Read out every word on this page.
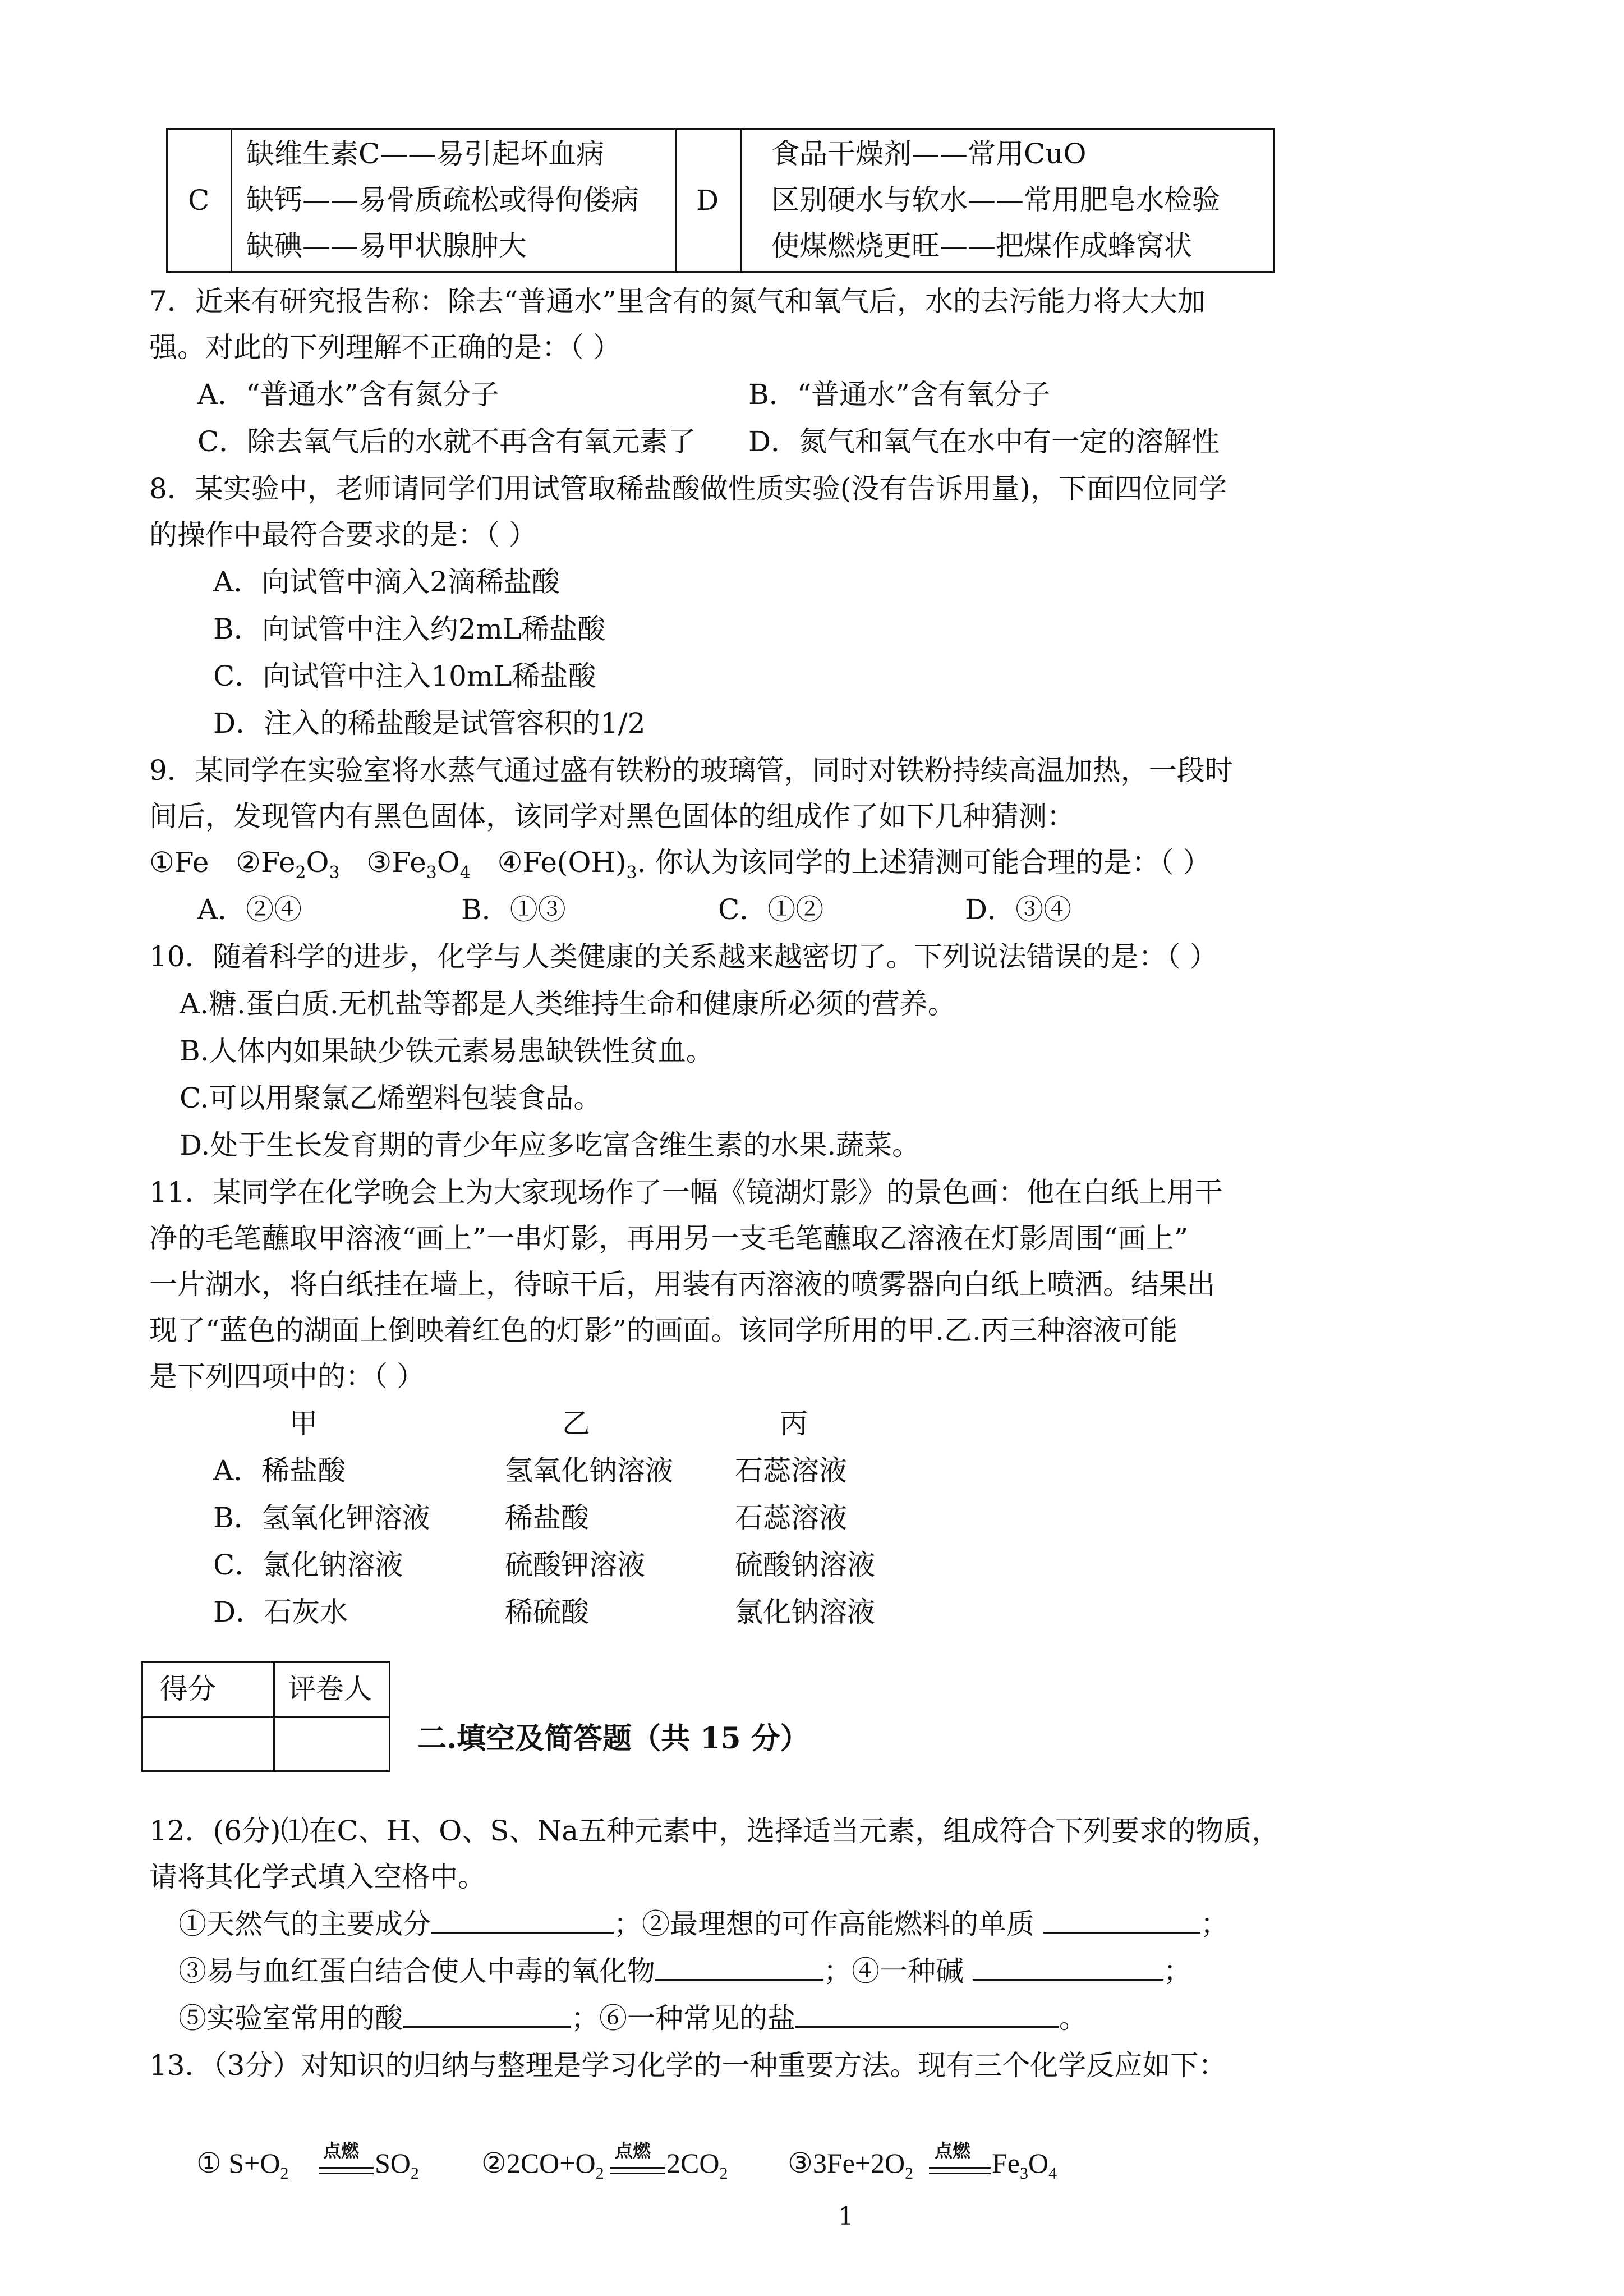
C
缺维生素C——易引起坏血病
缺钙——易骨质疏松或得佝偻病
缺碘——易甲状腺肿大
D
食品干燥剂——常用CuO
区别硬水与软水——常用肥皂水检验
使煤燃烧更旺——把煤作成蜂窝状
7．近来有研究报告称：除去“普通水”里含有的氮气和氧气后，水的去污能力将大大加
强。对此的下列理解不正确的是：（ ）
A．“普通水”含有氮分子	B．“普通水”含有氧分子
C．除去氧气后的水就不再含有氧元素了 D．氮气和氧气在水中有一定的溶解性
8．某实验中，老师请同学们用试管取稀盐酸做性质实验(没有告诉用量)，下面四位同学
的操作中最符合要求的是：（ ）
A．向试管中滴入2滴稀盐酸
B．向试管中注入约2mL稀盐酸
C．向试管中注入10mL稀盐酸
D．注入的稀盐酸是试管容积的1/2
9．某同学在实验室将水蒸气通过盛有铁粉的玻璃管，同时对铁粉持续高温加热，一段时
间后，发现管内有黑色固体，该同学对黑色固体的组成作了如下几种猜测：
①Fe $②Fe_2O_3$ $③Fe_3O_4$ $④Fe(OH)_3$. 你认为该同学的上述猜测可能合理的是：（ ）
A．②④	B．①③	C．①②	D．③④
10．随着科学的进步，化学与人类健康的关系越来越密切了。下列说法错误的是：（ ）
A.糖.蛋白质.无机盐等都是人类维持生命和健康所必须的营养。
B.人体内如果缺少铁元素易患缺铁性贫血。
C.可以用聚氯乙烯塑料包装食品。
D.处于生长发育期的青少年应多吃富含维生素的水果.蔬菜。
11．某同学在化学晚会上为大家现场作了一幅《镜湖灯影》的景色画：他在白纸上用干
净的毛笔蘸取甲溶液“画上”一串灯影，再用另一支毛笔蘸取乙溶液在灯影周围“画上”
一片湖水，将白纸挂在墙上，待晾干后，用装有丙溶液的喷雾器向白纸上喷洒。结果出
现了“蓝色的湖面上倒映着红色的灯影”的画面。该同学所用的甲.乙.丙三种溶液可能
是下列四项中的：（ ）
甲	乙	丙
A．稀盐酸	氢氧化钠溶液 石蕊溶液
B．氢氧化钾溶液	稀盐酸	石蕊溶液
C．氯化钠溶液	硫酸钾溶液	硫酸钠溶液
D．石灰水	稀硫酸	氯化钠溶液
得分	评卷人
二.填空及简答题（共 15 分）
12．(6分)⑴在C、H、O、S、Na五种元素中，选择适当元素，组成符合下列要求的物质，
请将其化学式填入空格中。
①天然气的主要成分	；②最理想的可作高能燃料的单质	；
③易与血红蛋白结合使人中毒的氧化物	；④一种碱	；
⑤实验室常用的酸	；⑥一种常见的盐	。
13．（3分）对知识的归纳与整理是学习化学的一种重要方法。现有三个化学反应如下：
① $S+O_2$
点燃 $SO_2$ $②2CO+O_2$
点燃 $2CO_2$ $③3Fe+2O_2$
点燃 $Fe_3O_4$
1
